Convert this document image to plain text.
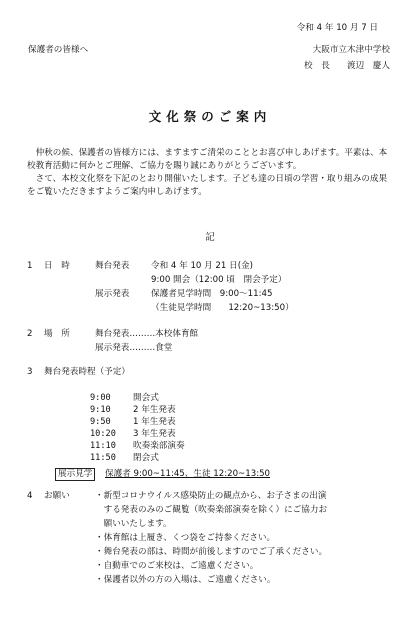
令和 4 年 10 月 7 日
保護者の皆様へ	大阪市立木津中学校
校　長　　渡辺　慶人
文化祭のご案内

仲秋の候、保護者の皆様方には、ますますご清栄のこととお喜び申しあげます。平素は、本校教育活動に何かとご理解、ご協力を賜り誠にありがとうございます。

さて、本校文化祭を下記のとおり開催いたします。子ども達の日頃の学習・取り組みの成果をご覧いただきますようご案内申しあげます。

記
1 日　時	舞台発表	令和 4 年 10 月 21 日(金)
9:00 開会（12:00 頃　閉会予定）
展示発表	保護者見学時間　9:00～11:45
（生徒見学時間　　12:20~13:50）
2 場　所	舞台発表………本校体育館
展示発表………食堂
3 舞台発表時程（予定）
9:00	開会式
9:10	2 年生発表
9:50	1 年生発表
10:20 3 年生発表
11:10 吹奏楽部演奏
11:50 閉会式
展示見学	保護者 9:00~11:45、生徒 12:20~13:50
4 お願い	・新型コロナウイルス感染防止の観点から、お子さまの出演
　する発表のみのご観覧（吹奏楽部演奏を除く）にご協力お
　願いいたします。
・体育館は上履き、くつ袋をご持参ください。
・舞台発表の部は、時間が前後しますのでご了承ください。
・自動車でのご来校は、ご遠慮ください。
・保護者以外の方の入場は、ご遠慮ください。
